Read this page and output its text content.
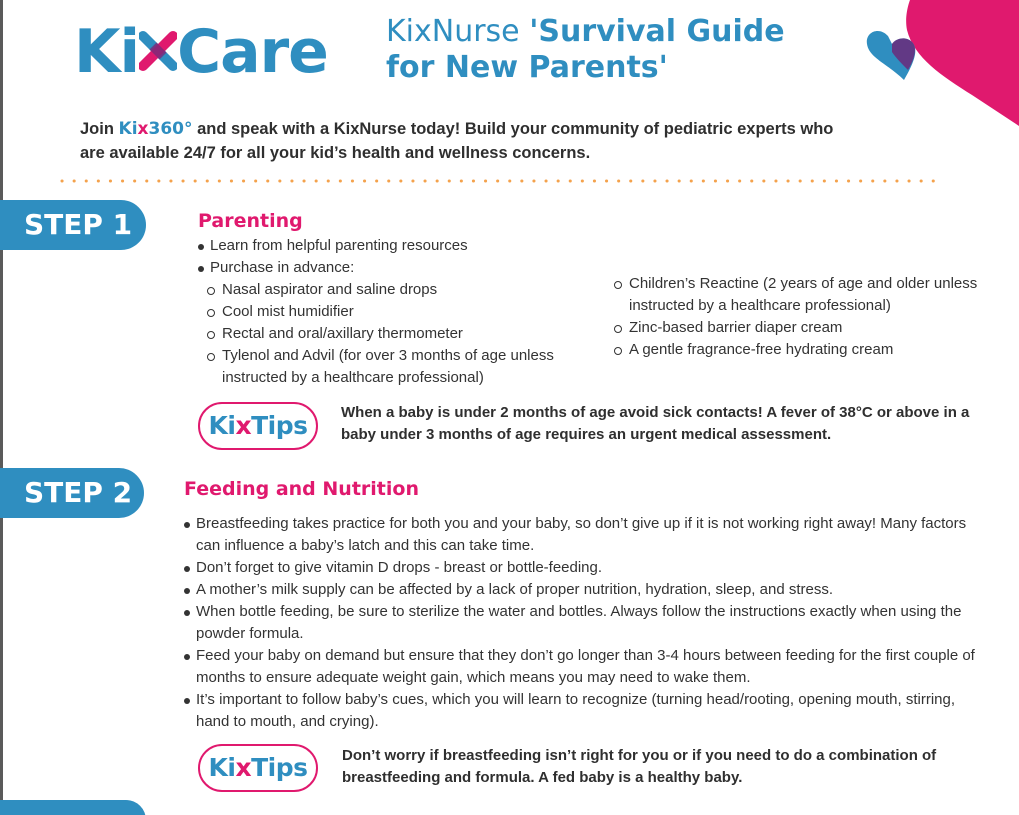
Ki Care KixNurse 'Survival Guide
for New Parents'
Join Kix360° and speak with a KixNurse today! Build your community of pediatric experts who are available 24/7 for all your kid’s health and wellness concerns.
STEP 1	Parenting
Learn from helpful parenting resources
Purchase in advance:
Nasal aspirator and saline drops
Cool mist humidifier
Rectal and oral/axillary thermometer
Tylenol and Advil (for over 3 months of age unless instructed by a healthcare professional)
Children’s Reactine (2 years of age and older unless instructed by a healthcare professional)
Zinc-based barrier diaper cream
A gentle fragrance-free hydrating cream
KixTips	When a baby is under 2 months of age avoid sick contacts! A fever of 38°C or above in a baby under 3 months of age requires an urgent medical assessment.
STEP 2	Feeding and Nutrition
Breastfeeding takes practice for both you and your baby, so don’t give up if it is not working right away! Many factors can influence a baby’s latch and this can take time.
Don’t forget to give vitamin D drops - breast or bottle-feeding.
A mother’s milk supply can be affected by a lack of proper nutrition, hydration, sleep, and stress.
When bottle feeding, be sure to sterilize the water and bottles. Always follow the instructions exactly when using the powder formula.
Feed your baby on demand but ensure that they don’t go longer than 3-4 hours between feeding for the first couple of months to ensure adequate weight gain, which means you may need to wake them.
It’s important to follow baby’s cues, which you will learn to recognize (turning head/rooting, opening mouth, stirring, hand to mouth, and crying).
KixTips	Don’t worry if breastfeeding isn’t right for you or if you need to do a combination of breastfeeding and formula. A fed baby is a healthy baby.
